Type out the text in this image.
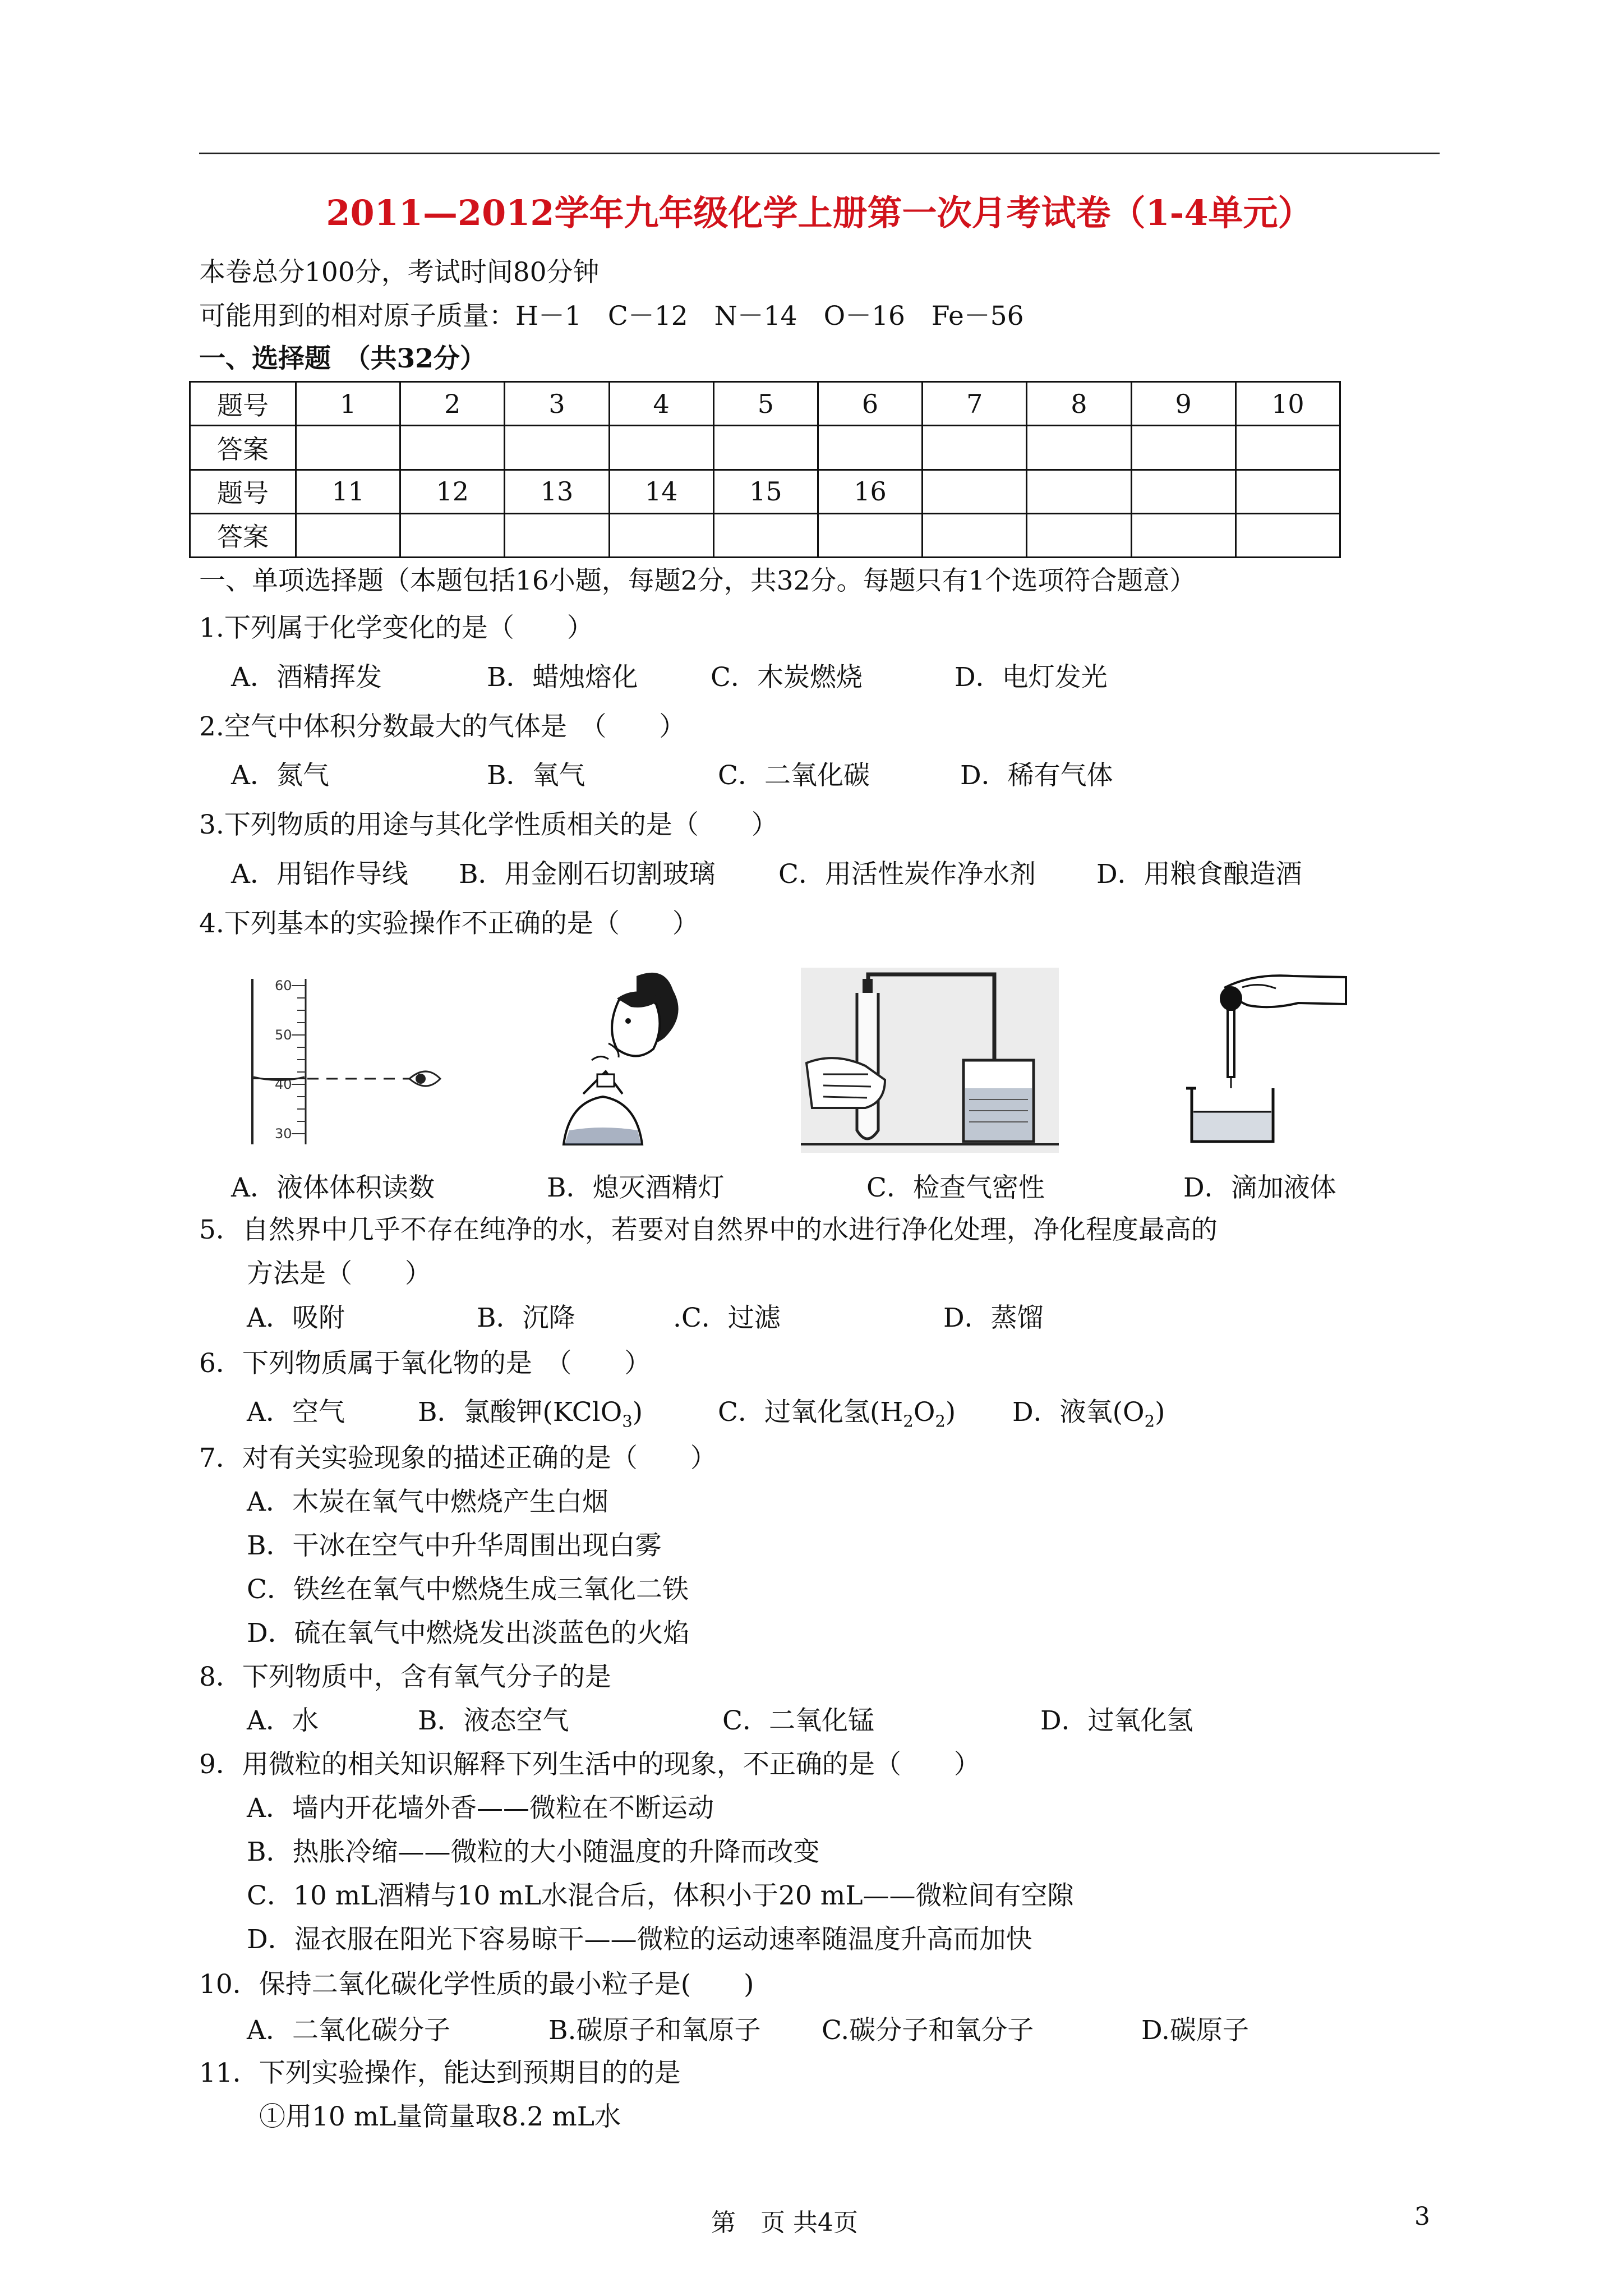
2011—2012学年九年级化学上册第一次月考试卷（1-4单元）
本卷总分100分，考试时间80分钟
可能用到的相对原子质量：H－1　C－12　N－14　O－16　Fe－56
一、选择题　（共32分）
题号	1	2	3	4	5	6	7	8	9	10
答案										
题号	11	12	13	14	15	16				
答案										
一、单项选择题（本题包括16小题，每题2分，共32分。每题只有1个选项符合题意）
1.下列属于化学变化的是（　　）
A．酒精挥发	B．蜡烛熔化	C．木炭燃烧	D．电灯发光
2.空气中体积分数最大的气体是　（　　）
A．氮气	B．氧气	C．二氧化碳	D．稀有气体
3.下列物质的用途与其化学性质相关的是（　　）
A．用铝作导线 B．用金刚石切割玻璃 C．用活性炭作净水剂 D．用粮食酿造酒
4.下列基本的实验操作不正确的是（　　）
60
50
40
30
A．液体体积读数	B．熄灭酒精灯	C．检查气密性	D．滴加液体
5．自然界中几乎不存在纯净的水，若要对自然界中的水进行净化处理，净化程度最高的
方法是（　　）
A．吸附	B．沉降	.C．过滤	D．蒸馏
6．下列物质属于氧化物的是　（　　）
A．空气	B．氯酸钾(KClO$_3$)	C．过氧化氢$(H_2O_2)$ D．液氧$(O_2)$
7．对有关实验现象的描述正确的是（　　）
A．木炭在氧气中燃烧产生白烟
B．干冰在空气中升华周围出现白雾
C．铁丝在氧气中燃烧生成三氧化二铁
D．硫在氧气中燃烧发出淡蓝色的火焰
8．下列物质中，含有氧气分子的是
A．水	B．液态空气	C．二氧化锰	D．过氧化氢
9．用微粒的相关知识解释下列生活中的现象，不正确的是（　　）
A．墙内开花墙外香——微粒在不断运动
B．热胀冷缩——微粒的大小随温度的升降而改变
C．10 mL酒精与10 mL水混合后，体积小于20 mL——微粒间有空隙
D．湿衣服在阳光下容易晾干——微粒的运动速率随温度升高而加快
10．保持二氧化碳化学性质的最小粒子是(　　)
A．二氧化碳分子	B.碳原子和氧原子 C.碳分子和氧分子	D.碳原子
11．下列实验操作，能达到预期目的的是
①用10 mL量筒量取8.2 mL水
第　页 共4页	3
